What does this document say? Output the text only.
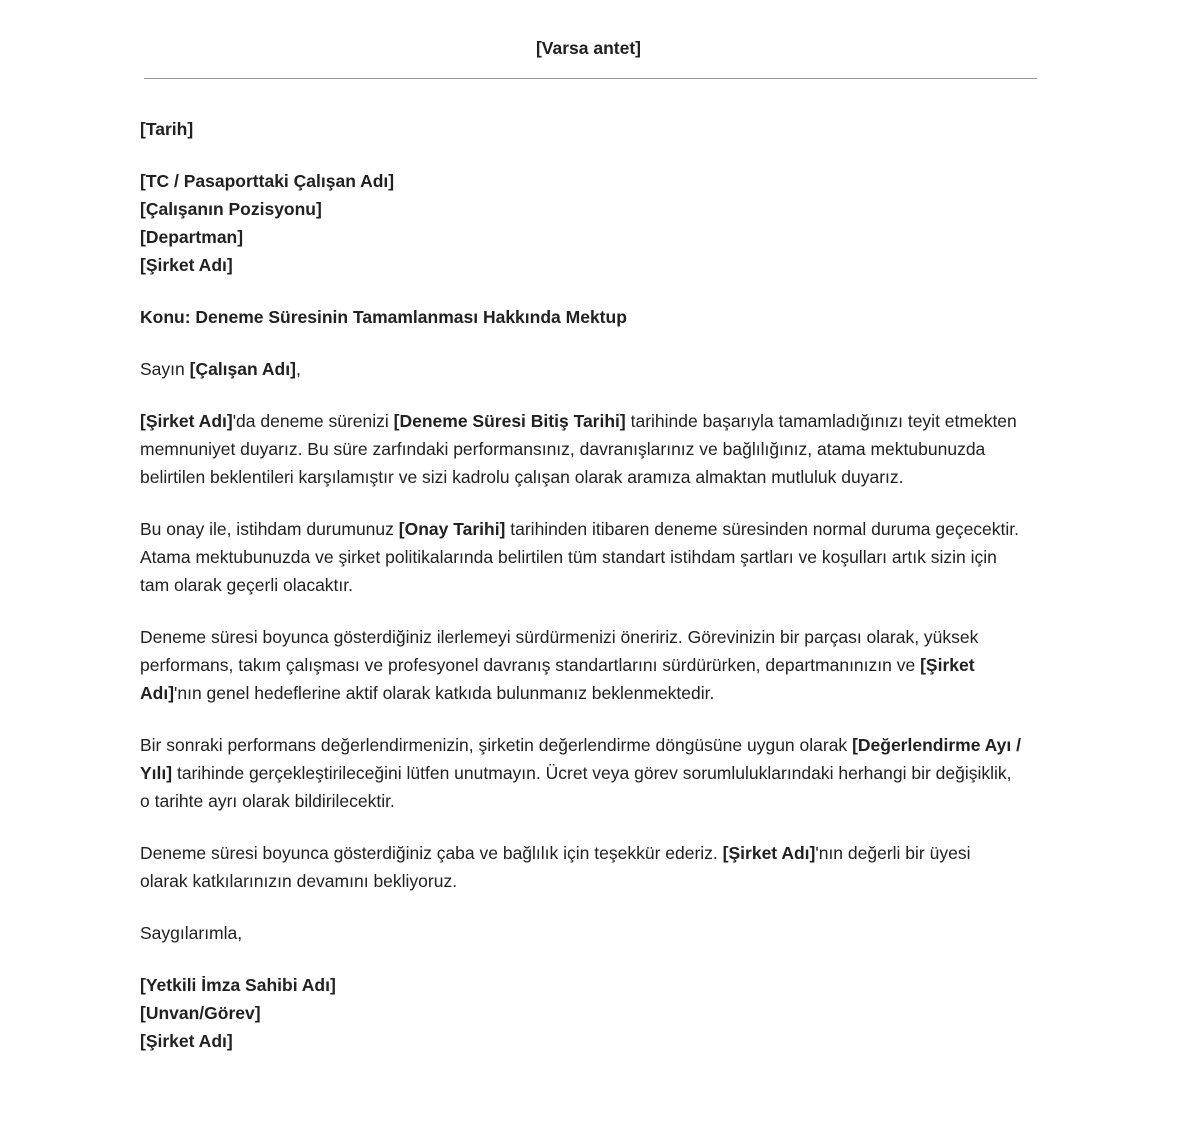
[Varsa antet]
[Tarih]
[TC / Pasaporttaki Çalışan Adı]
[Çalışanın Pozisyonu]
[Departman]
[Şirket Adı]
Konu: Deneme Süresinin Tamamlanması Hakkında Mektup

Sayın [Çalışan Adı],

[Şirket Adı]'da deneme sürenizi [Deneme Süresi Bitiş Tarihi] tarihinde başarıyla tamamladığınızı teyit etmekten memnuniyet duyarız. Bu süre zarfındaki performansınız, davranışlarınız ve bağlılığınız, atama mektubunuzda belirtilen beklentileri karşılamıştır ve sizi kadrolu çalışan olarak aramıza almaktan mutluluk duyarız.

Bu onay ile, istihdam durumunuz [Onay Tarihi] tarihinden itibaren deneme süresinden normal duruma geçecektir. Atama mektubunuzda ve şirket politikalarında belirtilen tüm standart istihdam şartları ve koşulları artık sizin için tam olarak geçerli olacaktır.

Deneme süresi boyunca gösterdiğiniz ilerlemeyi sürdürmenizi öneririz. Görevinizin bir parçası olarak, yüksek performans, takım çalışması ve profesyonel davranış standartlarını sürdürürken, departmanınızın ve [Şirket Adı]'nın genel hedeflerine aktif olarak katkıda bulunmanız beklenmektedir.

Bir sonraki performans değerlendirmenizin, şirketin değerlendirme döngüsüne uygun olarak [Değerlendirme Ayı / Yılı] tarihinde gerçekleştirileceğini lütfen unutmayın. Ücret veya görev sorumluluklarındaki herhangi bir değişiklik, o tarihte ayrı olarak bildirilecektir.

Deneme süresi boyunca gösterdiğiniz çaba ve bağlılık için teşekkür ederiz. [Şirket Adı]'nın değerli bir üyesi olarak katkılarınızın devamını bekliyoruz.

Saygılarımla,

[Yetkili İmza Sahibi Adı]
[Unvan/Görev]
[Şirket Adı]
